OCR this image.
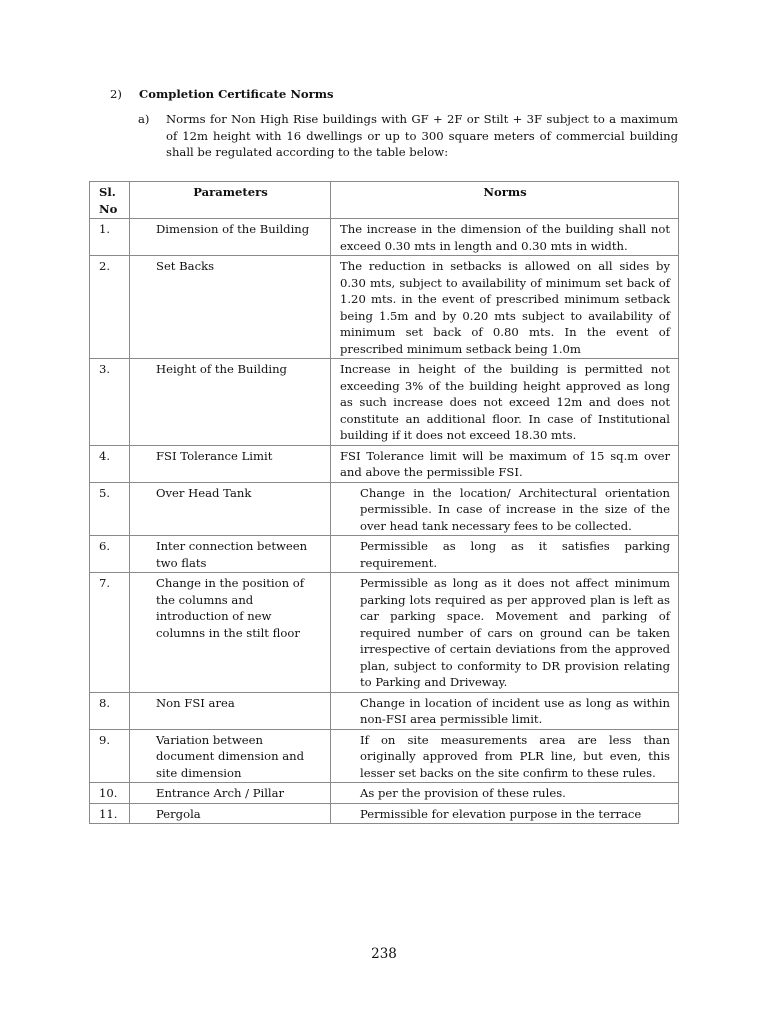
2) Completion Certificate Norms
a) Norms for Non High Rise buildings with GF + 2F or Stilt + 3F subject to a maximum of 12m height with 16 dwellings or up to 300 square meters of commercial building shall be regulated according to the table below:
Sl. No	Parameters	Norms
1.	Dimension of the Building	The increase in the dimension of the building shall not exceed 0.30 mts in length and 0.30 mts in width.
2.	Set Backs	The reduction in setbacks is allowed on all sides by 0.30 mts, subject to availability of minimum set back of 1.20 mts. in the event of prescribed minimum setback being 1.5m and by 0.20 mts subject to availability of minimum set back of 0.80 mts. In the event of prescribed minimum setback being 1.0m
3.	Height of the Building	Increase in height of the building is permitted not exceeding 3% of the building height approved as long as such increase does not exceed 12m and does not constitute an additional floor. In case of Institutional building if it does not exceed 18.30 mts.
4.	FSI Tolerance Limit	FSI Tolerance limit will be maximum of 15 sq.m over and above the permissible FSI.
5.	Over Head Tank	Change in the location/ Architectural orientation permissible. In case of increase in the size of the over head tank necessary fees to be collected.
6.	Inter connection between two flats	Permissible as long as it satisfies parking requirement.
7.	Change in the position of the columns and introduction of new columns in the stilt floor	Permissible as long as it does not affect minimum parking lots required as per approved plan is left as car parking space. Movement and parking of required number of cars on ground can be taken irrespective of certain deviations from the approved plan, subject to conformity to DR provision relating to Parking and Driveway.
8.	Non FSI area	Change in location of incident use as long as within non-FSI area permissible limit.
9.	Variation between document dimension and site dimension	If on site measurements area are less than originally approved from PLR line, but even, this lesser set backs on the site confirm to these rules.
10.	Entrance Arch / Pillar	As per the provision of these rules.
11.	Pergola	Permissible for elevation purpose in the terrace
238
